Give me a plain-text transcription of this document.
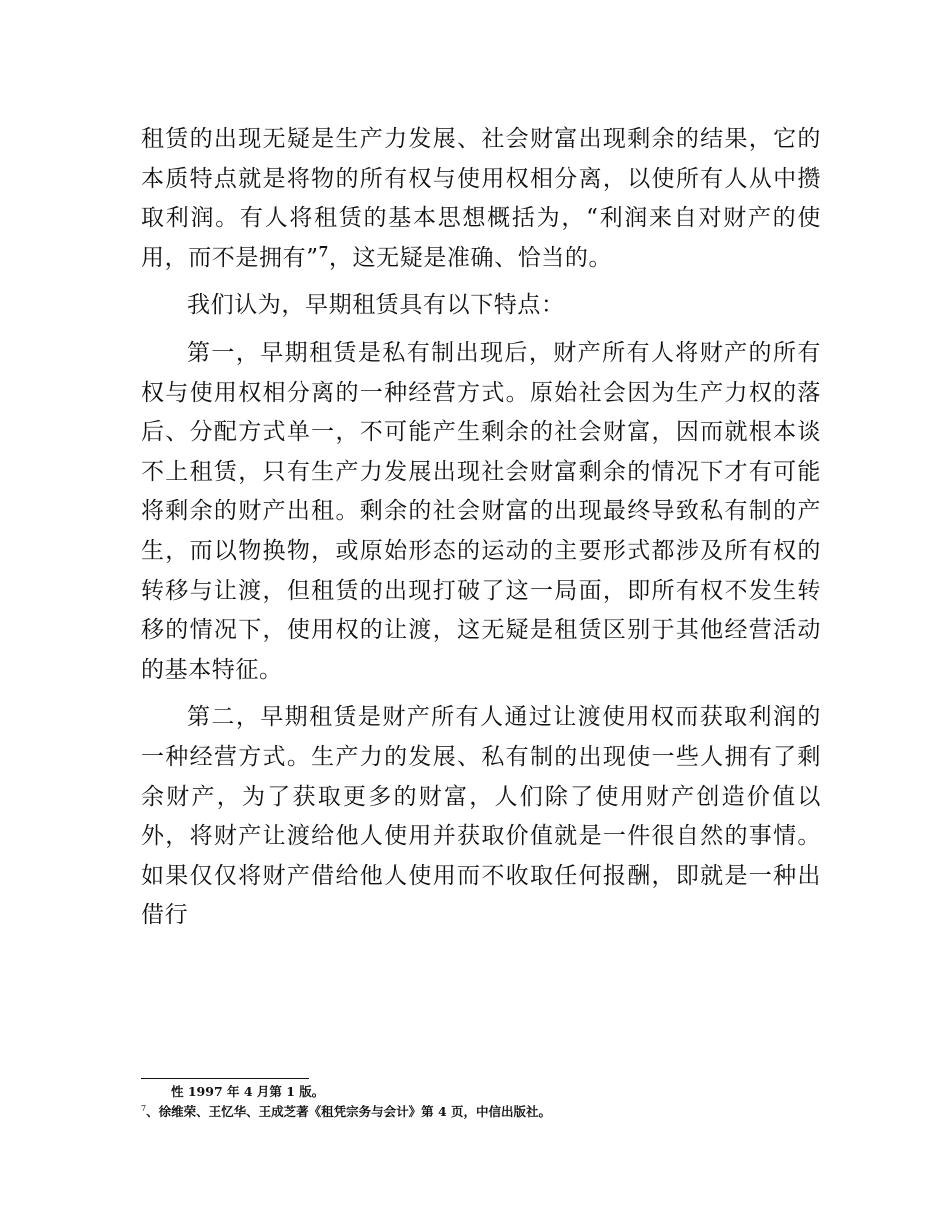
租赁的出现无疑是生产力发展、社会财富出现剩余的结果，它的本质特点就是将物的所有权与使用权相分离，以使所有人从中攒取利润。有人将租赁的基本思想概括为，“利润来自对财产的使用，而不是拥有”$^7$，这无疑是准确、恰当的。

我们认为，早期租赁具有以下特点：

第一，早期租赁是私有制出现后，财产所有人将财产的所有权与使用权相分离的一种经营方式。原始社会因为生产力权的落后、分配方式单一，不可能产生剩余的社会财富，因而就根本谈不上租赁，只有生产力发展出现社会财富剩余的情况下才有可能将剩余的财产出租。剩余的社会财富的出现最终导致私有制的产生，而以物换物，或原始形态的运动的主要形式都涉及所有权的转移与让渡，但租赁的出现打破了这一局面，即所有权不发生转移的情况下，使用权的让渡，这无疑是租赁区别于其他经营活动的基本特征。

第二，早期租赁是财产所有人通过让渡使用权而获取利润的一种经营方式。生产力的发展、私有制的出现使一些人拥有了剩余财产，为了获取更多的财富，人们除了使用财产创造价值以外，将财产让渡给他人使用并获取价值就是一件很自然的事情。如果仅仅将财产借给他人使用而不收取任何报酬，即就是一种出借行

性 1997 年 4 月第 1 版。

$^7$、徐维荣、王忆华、王成芝著《租凭宗务与会计》第 4 页，中信出版社。
